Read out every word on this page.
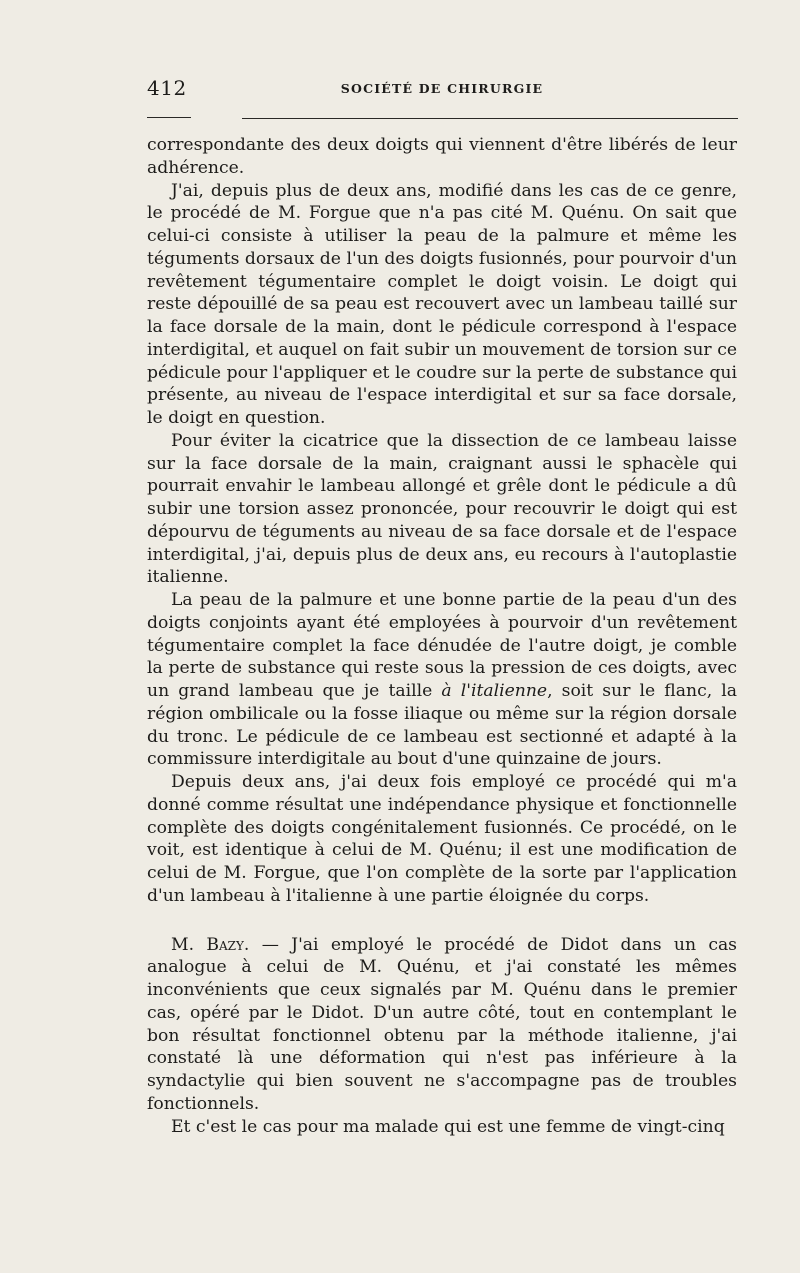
412	SOCIÉTÉ DE CHIRURGIE

correspondante des deux doigts qui viennent d'être libérés de leur adhérence.

J'ai, depuis plus de deux ans, modifié dans les cas de ce genre, le procédé de M. Forgue que n'a pas cité M. Quénu. On sait que celui-ci consiste à utiliser la peau de la palmure et même les téguments dorsaux de l'un des doigts fusionnés, pour pourvoir d'un revêtement tégumentaire complet le doigt voisin. Le doigt qui reste dépouillé de sa peau est recouvert avec un lambeau taillé sur la face dorsale de la main, dont le pédicule correspond à l'espace interdigital, et auquel on fait subir un mouvement de torsion sur ce pédicule pour l'appliquer et le coudre sur la perte de substance qui présente, au niveau de l'espace interdigital et sur sa face dorsale, le doigt en question.

Pour éviter la cicatrice que la dissection de ce lambeau laisse sur la face dorsale de la main, craignant aussi le sphacèle qui pourrait envahir le lambeau allongé et grêle dont le pédicule a dû subir une torsion assez prononcée, pour recouvrir le doigt qui est dépourvu de téguments au niveau de sa face dorsale et de l'espace interdigital, j'ai, depuis plus de deux ans, eu recours à l'autoplastie italienne.

La peau de la palmure et une bonne partie de la peau d'un des doigts conjoints ayant été employées à pourvoir d'un revêtement tégumentaire complet la face dénudée de l'autre doigt, je comble la perte de substance qui reste sous la pression de ces doigts, avec un grand lambeau que je taille à l'italienne, soit sur le flanc, la région ombilicale ou la fosse iliaque ou même sur la région dorsale du tronc. Le pédicule de ce lambeau est sectionné et adapté à la commissure interdigitale au bout d'une quinzaine de jours.

Depuis deux ans, j'ai deux fois employé ce procédé qui m'a donné comme résultat une indépendance physique et fonctionnelle complète des doigts congénitalement fusionnés. Ce procédé, on le voit, est identique à celui de M. Quénu; il est une modification de celui de M. Forgue, que l'on complète de la sorte par l'application d'un lambeau à l'italienne à une partie éloignée du corps.

M. Bazy. — J'ai employé le procédé de Didot dans un cas analogue à celui de M. Quénu, et j'ai constaté les mêmes inconvénients que ceux signalés par M. Quénu dans le premier cas, opéré par le Didot. D'un autre côté, tout en contemplant le bon résultat fonctionnel obtenu par la méthode italienne, j'ai constaté là une déformation qui n'est pas inférieure à la syndactylie qui bien souvent ne s'accompagne pas de troubles fonctionnels.

Et c'est le cas pour ma malade qui est une femme de vingt-cinq
